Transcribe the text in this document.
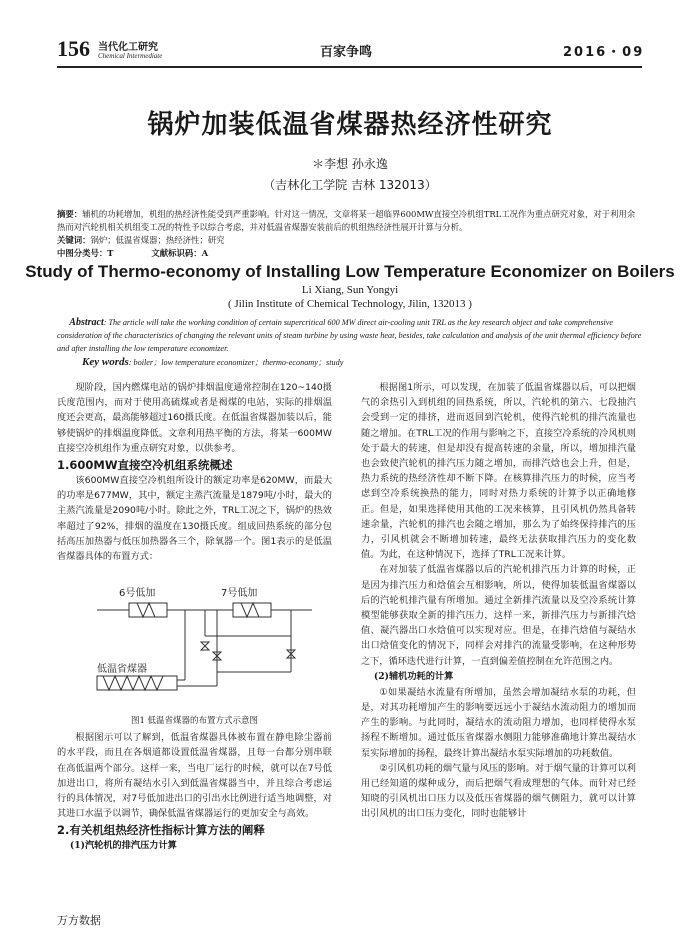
156 当代化工研究
Chemical Intermediate	百家争鸣	2016・09
锅炉加装低温省煤器热经济性研究
＊李想 孙永逸
（吉林化工学院 吉林 132013）
摘要：辅机的功耗增加，机组的热经济性能受到严重影响。针对这一情况，文章将某一超临界600MW直接空冷机组TRL工况作为重点研究对象，对于利用余热而对汽轮机相关机组变工况的特性予以综合考虑，并对低温省煤器安装前后的机组热经济性展开计算与分析。
关键词：锅炉；低温省煤器；热经济性；研究
中图分类号：T	文献标识码：A
Study of Thermo-economy of Installing Low Temperature Economizer on Boilers
Li Xiang, Sun Yongyi
( Jilin Institute of Chemical Technology, Jilin, 132013 )
Abstract: The article will take the working condition of certain supercritical 600 MW direct air-cooling unit TRL as the key research object and take comprehensive consideration of the characteristics of changing the relevant units of steam turbine by using waste heat, besides, take calculation and analysis of the unit thermal efficiency before and after installing the low temperature economizer.
Key words: boiler；low temperature economizer；thermo-economy；study

现阶段，国内燃煤电站的锅炉排烟温度通常控制在120~140摄氏度范围内，而对于使用高硫煤或者是褐煤的电站，实际的排烟温度还会更高，最高能够超过160摄氏度。在低温省煤器加装以后，能够使锅炉的排烟温度降低。文章利用热平衡的方法，将某一600MW直接空冷机组作为重点研究对象，以供参考。

1.600MW直接空冷机组系统概述

该600MW直接空冷机组所设计的额定功率是620MW，而最大的功率是677MW，其中，额定主蒸汽流量是1879吨/小时，最大的主蒸汽流量是2090吨/小时。除此之外，TRL工况之下，锅炉的热效率超过了92%，排烟的温度在130摄氏度。组成回热系统的部分包括高压加热器与低压加热器各三个，除氧器一个。图1表示的是低温省煤器具体的布置方式：

6号低加	7号低加
低温省煤器
图1 低温省煤器的布置方式示意图

根据图示可以了解到，低温省煤器具体被布置在静电除尘器前的水平段，而且在各烟道都设置低温省煤器，且每一台都分别串联在高低温两个部分。这样一来，当电厂运行的时候，就可以在7号低加进出口，将所有凝结水引入到低温省煤器当中，并且综合考虑运行的具体情况，对7号低加进出口的引出水比例进行适当地调整，对其进口水温予以调节，确保低温省煤器运行的更加安全与高效。

2.有关机组热经济性指标计算方法的阐释
(1)汽轮机的排汽压力计算

根据图1所示，可以发现，在加装了低温省煤器以后，可以把烟气的余热引入到机组的回热系统，所以，汽轮机的第六、七段抽汽会受到一定的排挤，进而返回到汽轮机，使得汽轮机的排汽流量也随之增加。在TRL工况的作用与影响之下，直接空冷系统的冷风机则处于最大的转速，但是却没有提高转速的余量，所以，增加排汽量也会致使汽轮机的排汽压力随之增加，而排汽焓也会上升，但是，热力系统的热经济性却不断下降。在核算排汽压力的时候，应当考虑到空冷系统换热的能力，同时对热力系统的计算予以正确地修正。但是，如果选择使用其他的工况来核算，且引风机仍然具备转速余量，汽轮机的排汽也会随之增加，那么为了始终保持排汽的压力，引风机就会不断增加转速，最终无法获取排汽压力的变化数值。为此，在这种情况下，选择了TRL工况来计算。

在对加装了低温省煤器以后的汽轮机排汽压力计算的时候，正是因为排汽压力和焓值会互相影响，所以，使得加装低温省煤器以后的汽轮机排汽量有所增加。通过全新排汽流量以及空冷系统计算模型能够获取全新的排汽压力，这样一来，新排汽压力与新排汽焓值、凝汽器出口水焓值可以实现对应。但是，在排汽焓值与凝结水出口焓值变化的情况下，同样会对排汽的流量受影响，在这种形势之下，循环迭代进行计算，一直到偏差值控制在允许范围之内。

(2)辅机功耗的计算

①如果凝结水流量有所增加，虽然会增加凝结水泵的功耗，但是，对其功耗增加产生的影响要远远小于凝结水流动阻力的增加而产生的影响。与此同时，凝结水的流动阻力增加，也同样使得水泵扬程不断增加。通过低压省煤器水侧阻力能够准确地计算出凝结水泵实际增加的扬程，最终计算出凝结水泵实际增加的功耗数值。

②引风机功耗的烟气量与风压的影响。对于烟气量的计算可以利用已经知道的煤种成分，而后把烟气看成理想的气体。而针对已经知晓的引风机出口压力以及低压省煤器的烟气侧阻力，就可以计算出引风机的出口压力变化，同时也能够计

万方数据
